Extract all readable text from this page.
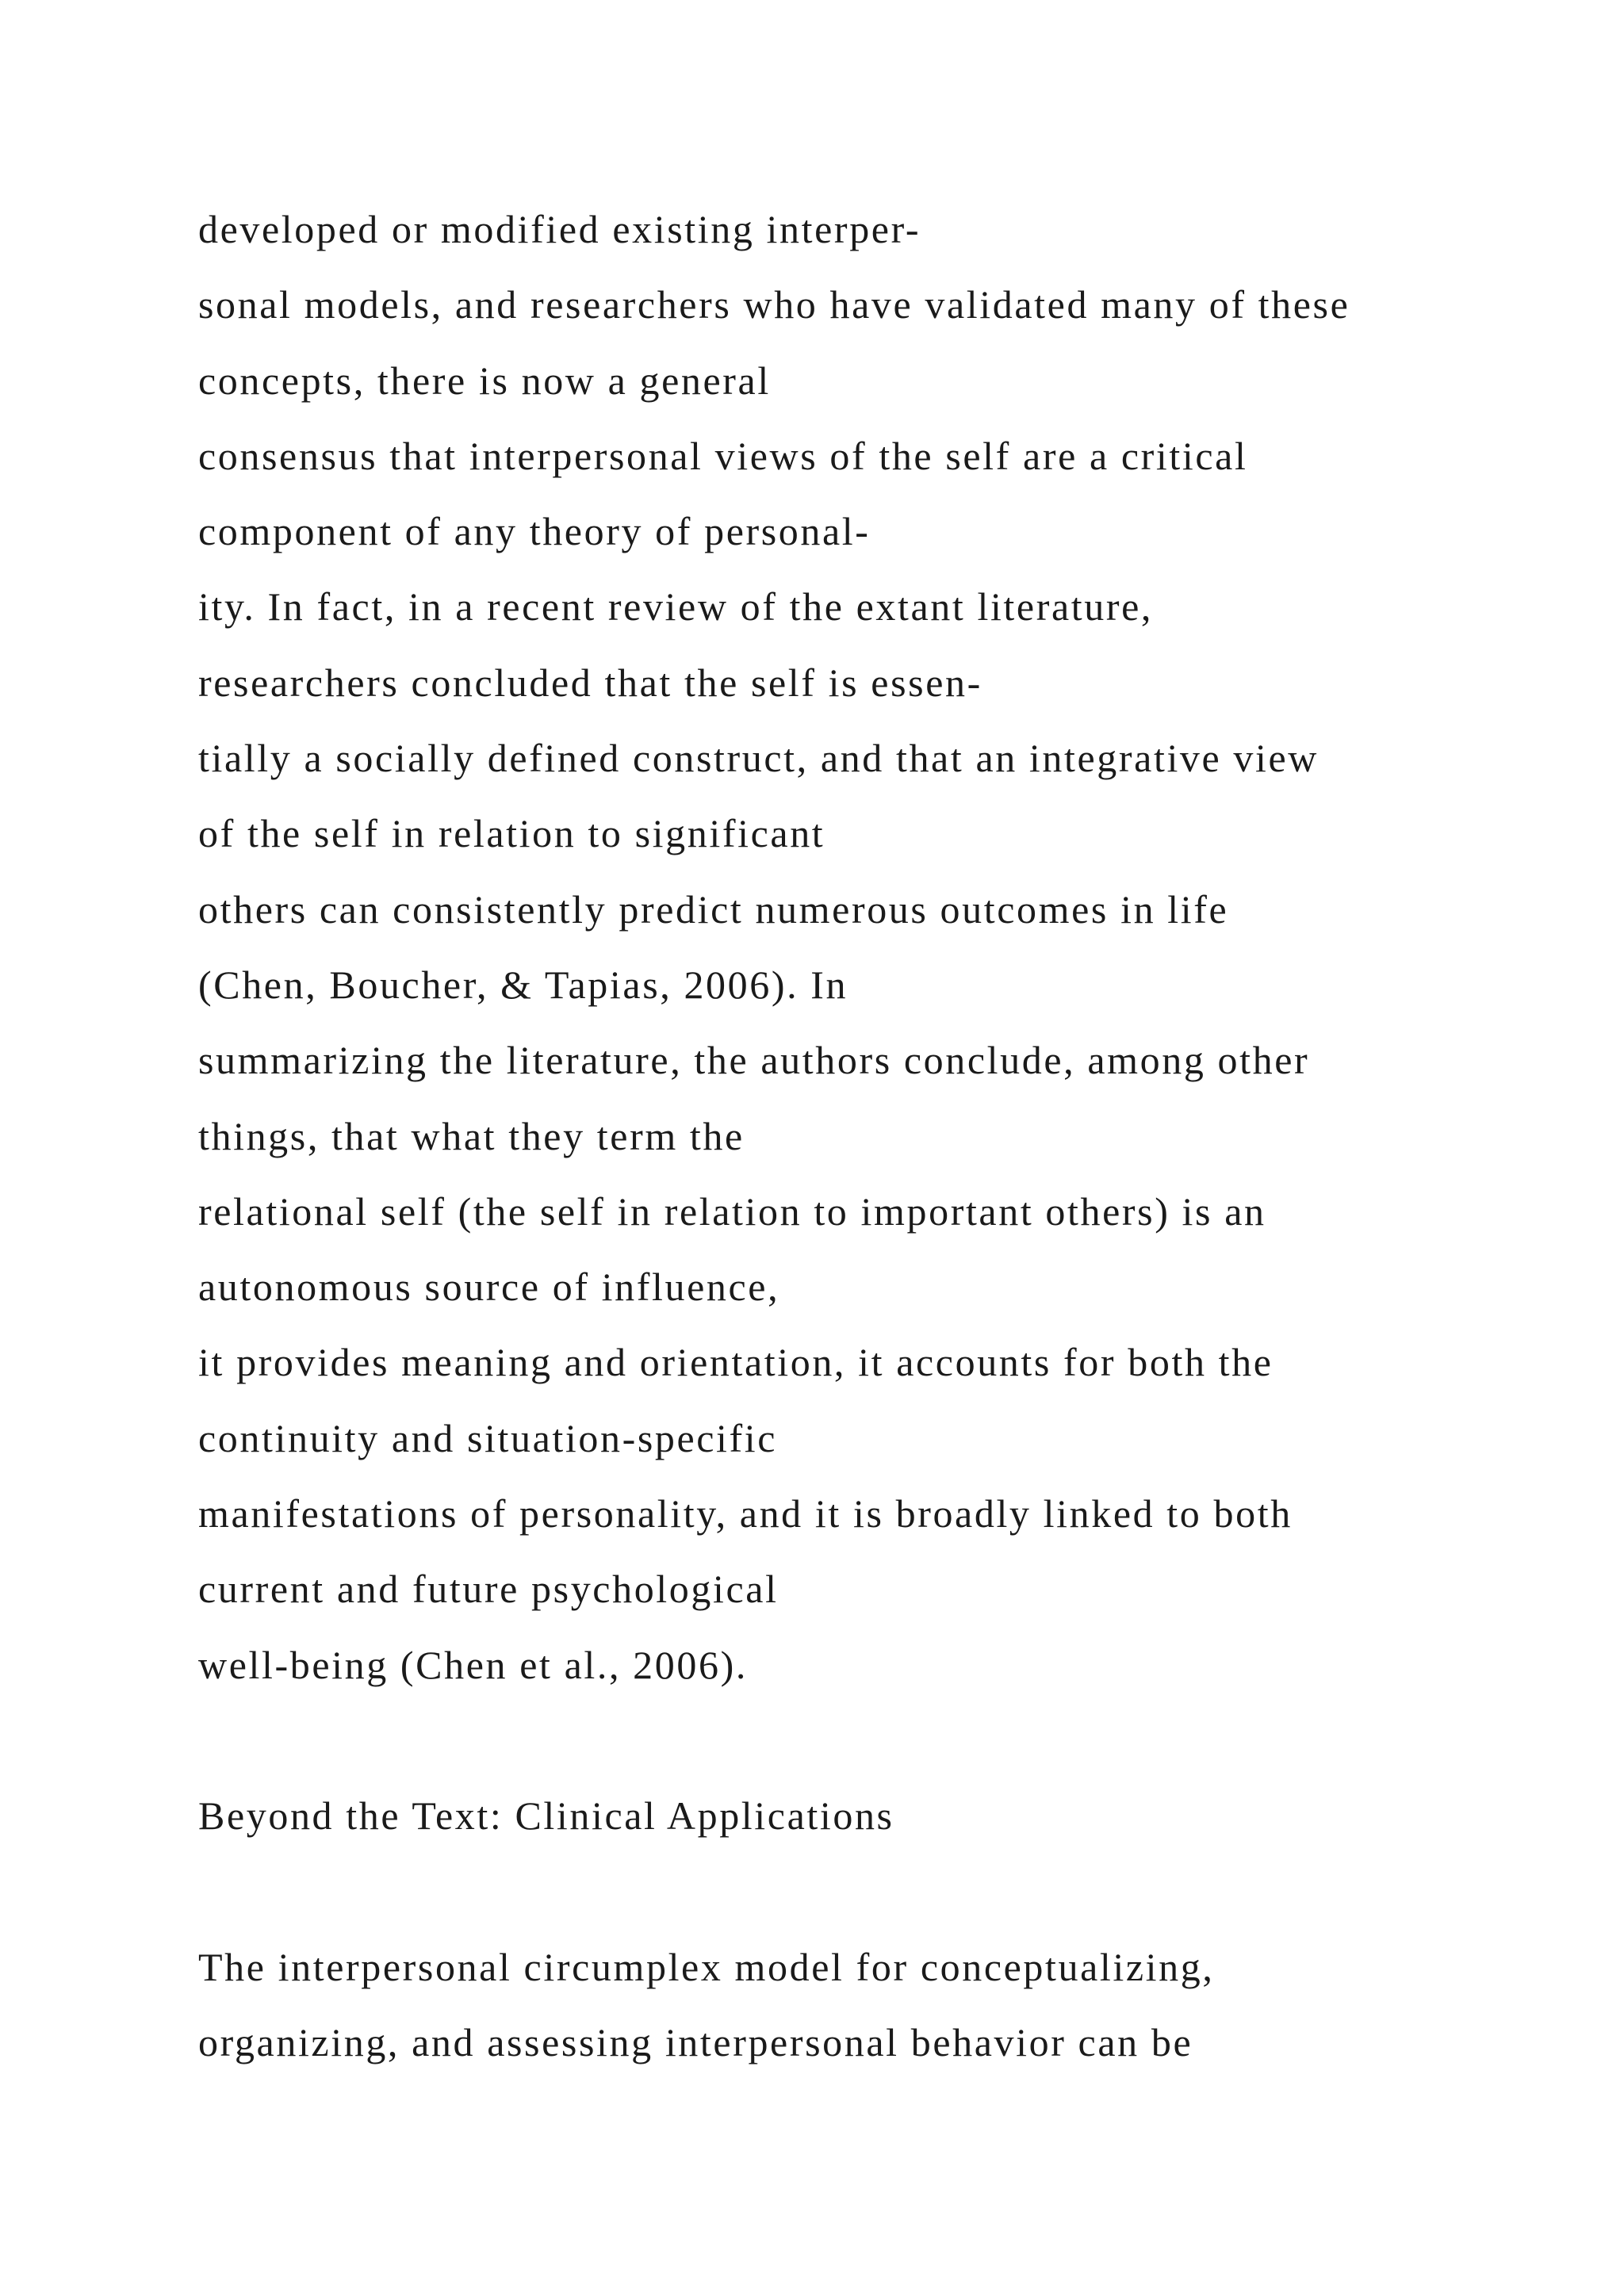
developed or modified existing interper-
sonal models, and researchers who have validated many of these
concepts, there is now a general
consensus that interpersonal views of the self are a critical
component of any theory of personal-
ity. In fact, in a recent review of the extant literature,
researchers concluded that the self is essen-
tially a socially defined construct, and that an integrative view
of the self in relation to significant
others can consistently predict numerous outcomes in life
(Chen, Boucher, & Tapias, 2006). In
summarizing the literature, the authors conclude, among other
things, that what they term the
relational self (the self in relation to important others) is an
autonomous source of influence,
it provides meaning and orientation, it accounts for both the
continuity and situation-specific
manifestations of personality, and it is broadly linked to both
current and future psychological
well-being (Chen et al., 2006).
Beyond the Text: Clinical Applications
The interpersonal circumplex model for conceptualizing,
organizing, and assessing interpersonal behavior can be
